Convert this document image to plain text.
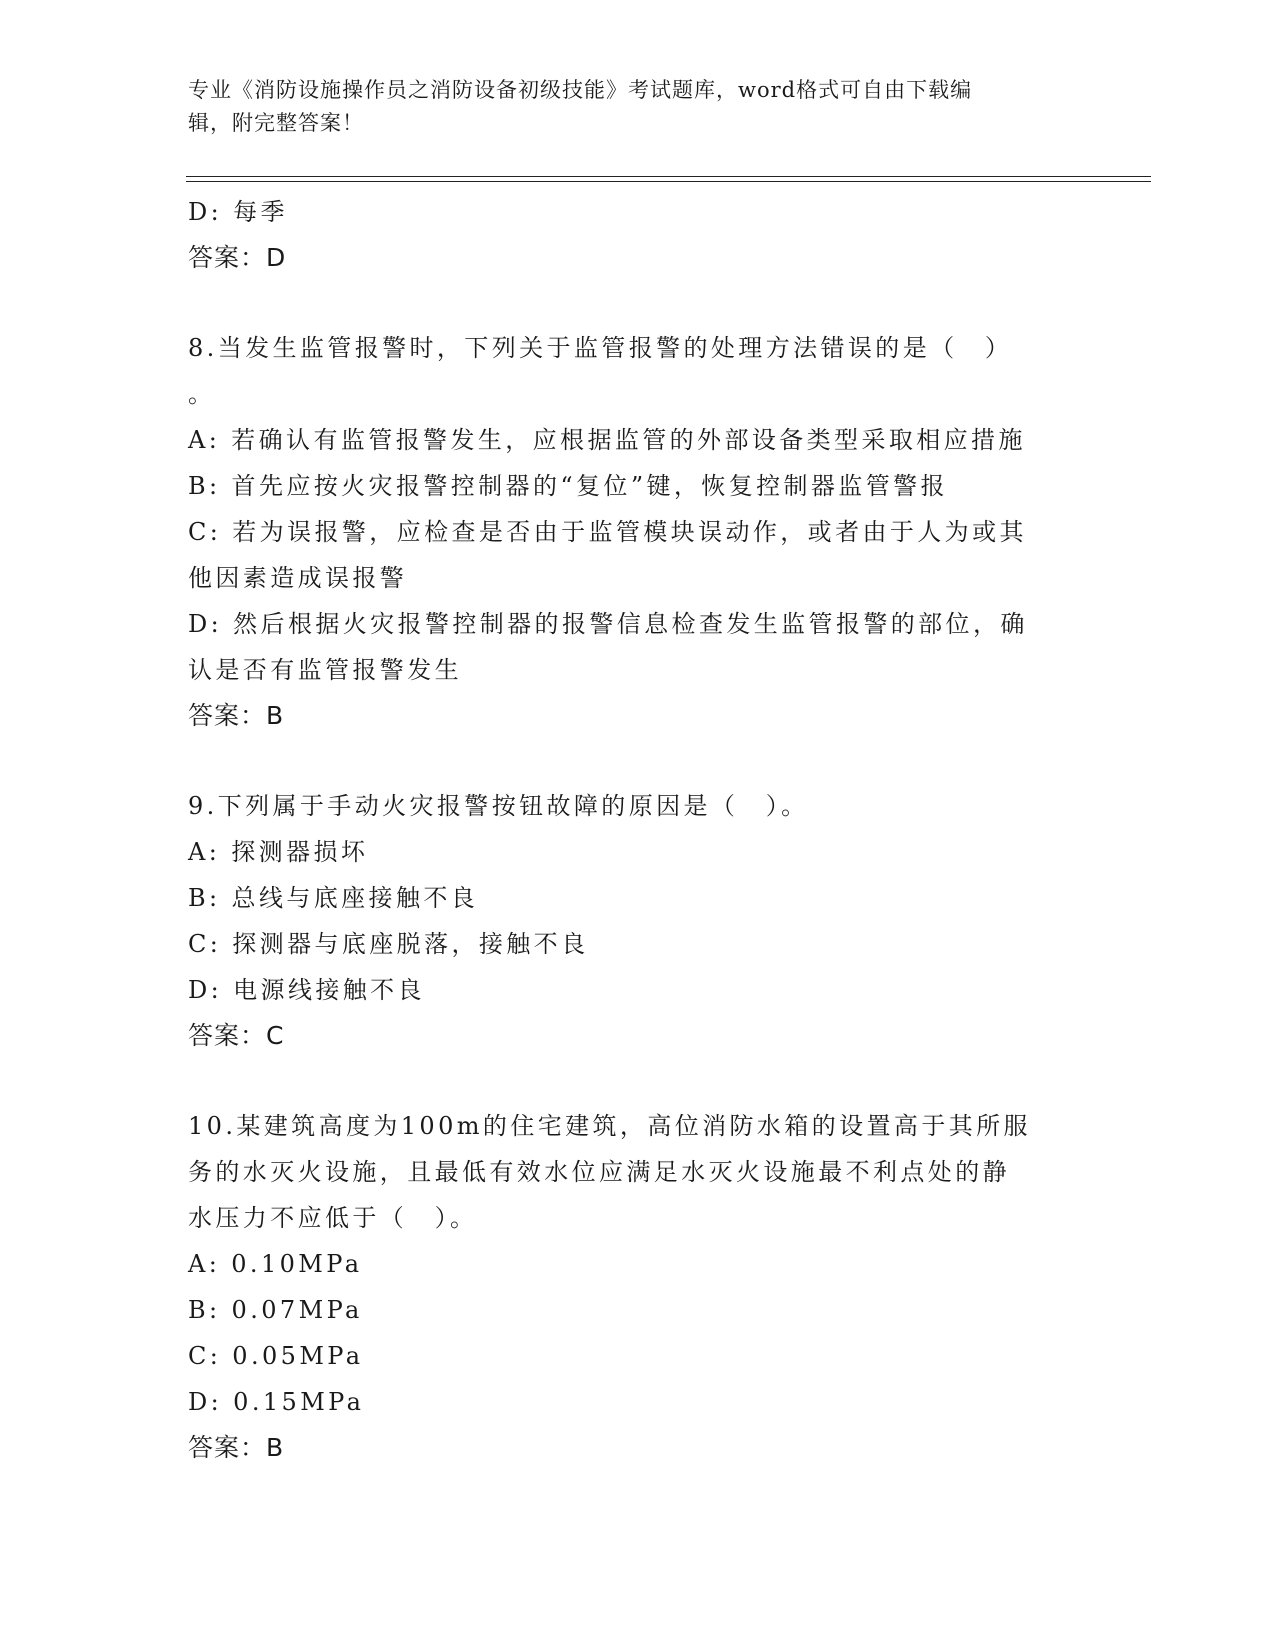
专业《消防设施操作员之消防设备初级技能》考试题库，word格式可自由下载编
辑，附完整答案！

D: 每季

答案：D

8.当发生监管报警时，下列关于监管报警的处理方法错误的是（　）

。

A: 若确认有监管报警发生，应根据监管的外部设备类型采取相应措施

B: 首先应按火灾报警控制器的“复位”键，恢复控制器监管警报

C: 若为误报警，应检查是否由于监管模块误动作，或者由于人为或其

他因素造成误报警

D: 然后根据火灾报警控制器的报警信息检查发生监管报警的部位，确

认是否有监管报警发生

答案：B

9.下列属于手动火灾报警按钮故障的原因是（　）。

A: 探测器损坏

B: 总线与底座接触不良

C: 探测器与底座脱落，接触不良

D: 电源线接触不良

答案：C

10.某建筑高度为100m的住宅建筑，高位消防水箱的设置高于其所服

务的水灭火设施，且最低有效水位应满足水灭火设施最不利点处的静

水压力不应低于（　）。

A: 0.10MPa

B: 0.07MPa

C: 0.05MPa

D: 0.15MPa

答案：B
